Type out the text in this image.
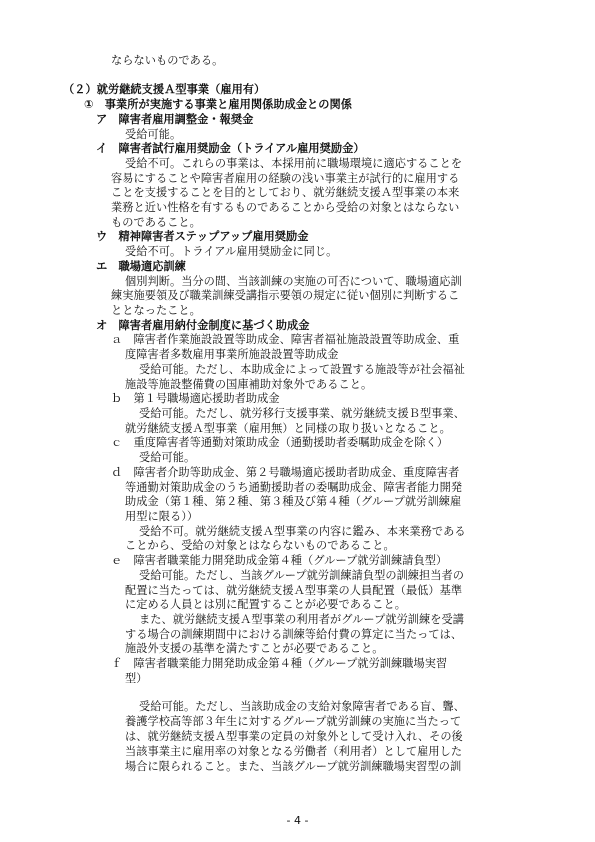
ならないものである。
（２）就労継続支援Ａ型事業（雇用有）
①　事業所が実施する事業と雇用関係助成金との関係
ア　障害者雇用調整金・報奨金
受給可能。
イ　障害者試行雇用奨励金（トライアル雇用奨励金）
受給不可。これらの事業は、本採用前に職場環境に適応することを
容易にすることや障害者雇用の経験の浅い事業主が試行的に雇用する
ことを支援することを目的としており、就労継続支援Ａ型事業の本来
業務と近い性格を有するものであることから受給の対象とはならない
ものであること。
ウ　精神障害者ステップアップ雇用奨励金
受給不可。トライアル雇用奨励金に同じ。
エ　職場適応訓練
個別判断。当分の間、当該訓練の実施の可否について、職場適応訓
練実施要領及び職業訓練受講指示要領の規定に従い個別に判断するこ
ととなったこと。
オ　障害者雇用納付金制度に基づく助成金
ａ　障害者作業施設設置等助成金、障害者福祉施設設置等助成金、重
度障害者多数雇用事業所施設設置等助成金
受給可能。ただし、本助成金によって設置する施設等が社会福祉
施設等施設整備費の国庫補助対象外であること。
ｂ　第１号職場適応援助者助成金
受給可能。ただし、就労移行支援事業、就労継続支援Ｂ型事業、
就労継続支援Ａ型事業（雇用無）と同様の取り扱いとなること。
ｃ　重度障害者等通勤対策助成金（通勤援助者委嘱助成金を除く）
受給可能。
ｄ　障害者介助等助成金、第２号職場適応援助者助成金、重度障害者
等通勤対策助成金のうち通勤援助者の委嘱助成金、障害者能力開発
助成金（第１種、第２種、第３種及び第４種（グループ就労訓練雇
用型に限る））
受給不可。就労継続支援Ａ型事業の内容に鑑み、本来業務である
ことから、受給の対象とはならないものであること。
ｅ　障害者職業能力開発助成金第４種（グループ就労訓練請負型）
受給可能。ただし、当該グループ就労訓練請負型の訓練担当者の
配置に当たっては、就労継続支援Ａ型事業の人員配置（最低）基準
に定める人員とは別に配置することが必要であること。
また、就労継続支援Ａ型事業の利用者がグループ就労訓練を受講
する場合の訓練期間中における訓練等給付費の算定に当たっては、
施設外支援の基準を満たすことが必要であること。
ｆ　障害者職業能力開発助成金第４種（グループ就労訓練職場実習
型）
受給可能。ただし、当該助成金の支給対象障害者である盲、聾、
養護学校高等部３年生に対するグループ就労訓練の実施に当たって
は、就労継続支援Ａ型事業の定員の対象外として受け入れ、その後
当該事業主に雇用率の対象となる労働者（利用者）として雇用した
場合に限られること。また、当該グループ就労訓練職場実習型の訓
- 4 -
